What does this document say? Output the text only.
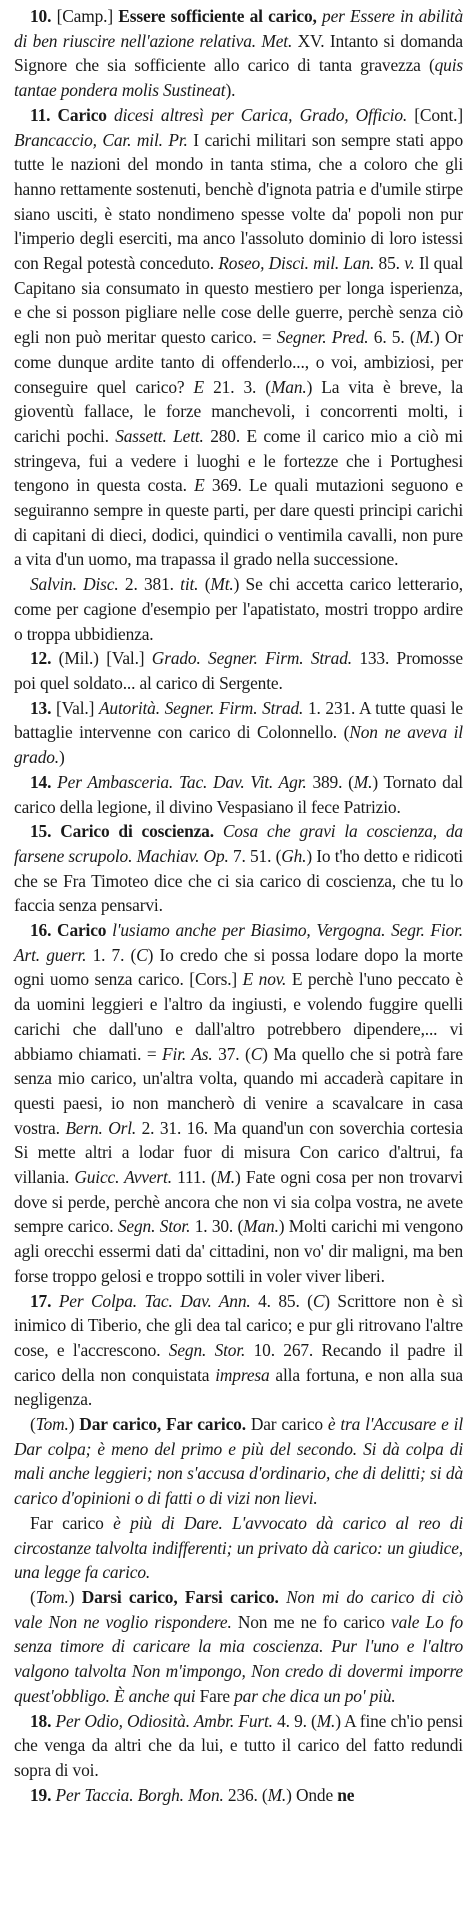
10. [Camp.] Essere sofficiente al carico, per Essere in abilità di ben riuscire nell'azione relativa. Met. XV. Intanto si domanda Signore che sia sofficiente allo carico di tanta gravezza (quis tantae pondera molis Sustineat).

11. Carico dicesi altresì per Carica, Grado, Officio. [Cont.] Brancaccio, Car. mil. Pr. I carichi militari son sempre stati appo tutte le nazioni del mondo in tanta stima, che a coloro che gli hanno rettamente sostenuti, benchè d'ignota patria e d'umile stirpe siano usciti, è stato nondimeno spesse volte da' popoli non pur l'imperio degli eserciti, ma anco l'assoluto dominio di loro istessi con Regal potestà conceduto. Roseo, Disci. mil. Lan. 85. v. Il qual Capitano sia consumato in questo mestiero per longa isperienza, e che si posson pigliare nelle cose delle guerre, perchè senza ciò egli non può meritar questo carico. = Segner. Pred. 6. 5. (M.) Or come dunque ardite tanto di offenderlo..., o voi, ambiziosi, per conseguire quel carico? E 21. 3. (Man.) La vita è breve, la gioventù fallace, le forze manchevoli, i concorrenti molti, i carichi pochi. Sassett. Lett. 280. E come il carico mio a ciò mi stringeva, fui a vedere i luoghi e le fortezze che i Portughesi tengono in questa costa. E 369. Le quali mutazioni seguono e seguiranno sempre in queste parti, per dare questi principi carichi di capitani di dieci, dodici, quindici o ventimila cavalli, non pure a vita d'un uomo, ma trapassa il grado nella successione.

Salvin. Disc. 2. 381. tit. (Mt.) Se chi accetta carico letterario, come per cagione d'esempio per l'apatistato, mostri troppo ardire o troppa ubbidienza.

12. (Mil.) [Val.] Grado. Segner. Firm. Strad. 133. Promosse poi quel soldato... al carico di Sergente.

13. [Val.] Autorità. Segner. Firm. Strad. 1. 231. A tutte quasi le battaglie intervenne con carico di Colonnello. (Non ne aveva il grado.)

14. Per Ambasceria. Tac. Dav. Vit. Agr. 389. (M.) Tornato dal carico della legione, il divino Vespasiano il fece Patrizio.

15. Carico di coscienza. Cosa che gravi la coscienza, da farsene scrupolo. Machiav. Op. 7. 51. (Gh.) Io t'ho detto e ridicoti che se Fra Timoteo dice che ci sia carico di coscienza, che tu lo faccia senza pensarvi.

16. Carico l'usiamo anche per Biasimo, Vergogna. Segr. Fior. Art. guerr. 1. 7. (C) Io credo che si possa lodare dopo la morte ogni uomo senza carico. [Cors.] E nov. E perchè l'uno peccato è da uomini leggieri e l'altro da ingiusti, e volendo fuggire quelli carichi che dall'uno e dall'altro potrebbero dipendere,... vi abbiamo chiamati. = Fir. As. 37. (C) Ma quello che si potrà fare senza mio carico, un'altra volta, quando mi accaderà capitare in questi paesi, io non mancherò di venire a scavalcare in casa vostra. Bern. Orl. 2. 31. 16. Ma quand'un con soverchia cortesia Si mette altri a lodar fuor di misura Con carico d'altrui, fa villania. Guicc. Avvert. 111. (M.) Fate ogni cosa per non trovarvi dove si perde, perchè ancora che non vi sia colpa vostra, ne avete sempre carico. Segn. Stor. 1. 30. (Man.) Molti carichi mi vengono agli orecchi essermi dati da' cittadini, non vo' dir maligni, ma ben forse troppo gelosi e troppo sottili in voler viver liberi.

17. Per Colpa. Tac. Dav. Ann. 4. 85. (C) Scrittore non è sì inimico di Tiberio, che gli dea tal carico; e pur gli ritrovano l'altre cose, e l'accrescono. Segn. Stor. 10. 267. Recando il padre il carico della non conquistata impresa alla fortuna, e non alla sua negligenza.

(Tom.) Dar carico, Far carico. Dar carico è tra l'Accusare e il Dar colpa; è meno del primo e più del secondo. Si dà colpa di mali anche leggieri; non s'accusa d'ordinario, che di delitti; si dà carico d'opinioni o di fatti o di vizi non lievi.

Far carico è più di Dare. L'avvocato dà carico al reo di circostanze talvolta indifferenti; un privato dà carico: un giudice, una legge fa carico.

(Tom.) Darsi carico, Farsi carico. Non mi do carico di ciò vale Non ne voglio rispondere. Non me ne fo carico vale Lo fo senza timore di caricare la mia coscienza. Pur l'uno e l'altro valgono talvolta Non m'impongo, Non credo di dovermi imporre quest'obbligo. È anche qui Fare par che dica un po' più.

18. Per Odio, Odiosità. Ambr. Furt. 4. 9. (M.) A fine ch'io pensi che venga da altri che da lui, e tutto il carico del fatto redundi sopra di voi.

19. Per Taccia. Borgh. Mon. 236. (M.) Onde ne
